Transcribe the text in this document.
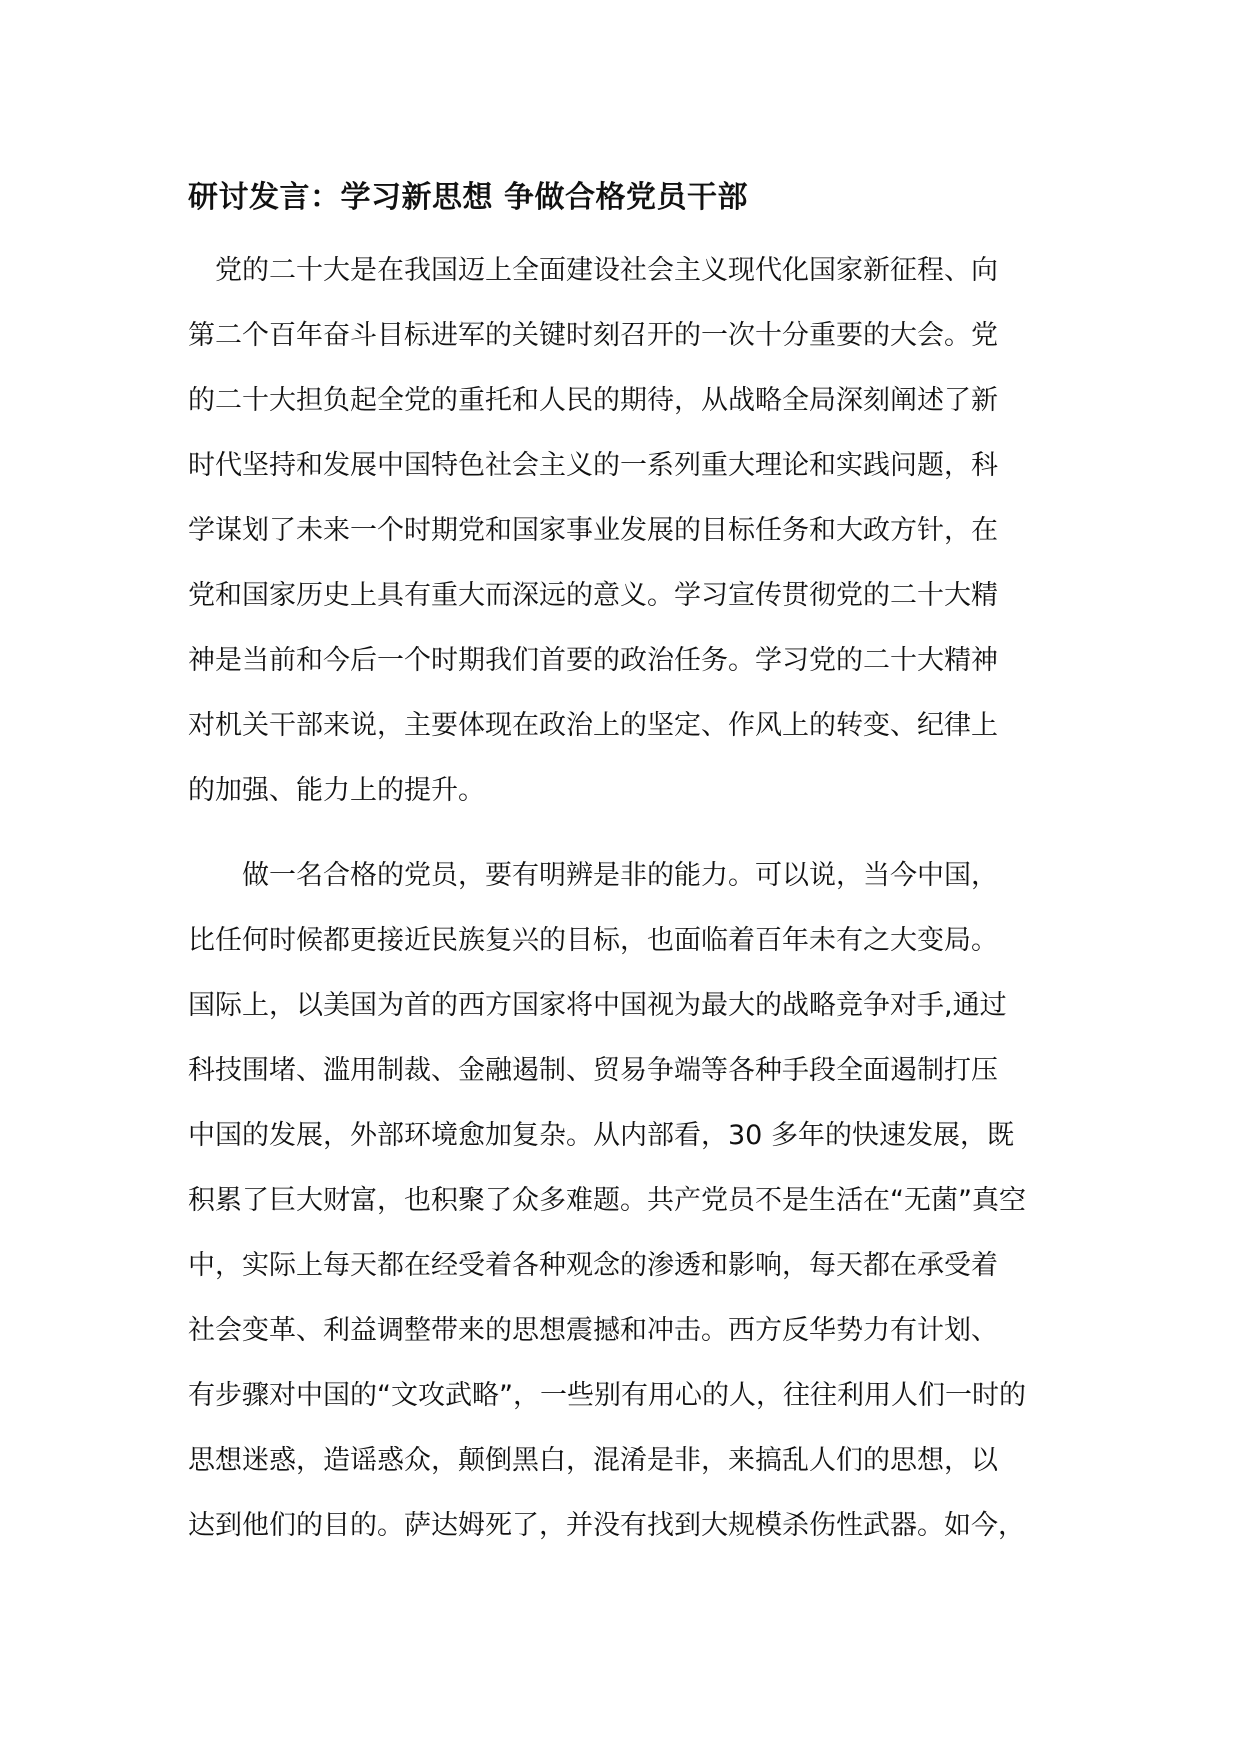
研讨发言：学习新思想 争做合格党员干部
　党的二十大是在我国迈上全面建设社会主义现代化国家新征程、向
第二个百年奋斗目标进军的关键时刻召开的一次十分重要的大会。党
的二十大担负起全党的重托和人民的期待，从战略全局深刻阐述了新
时代坚持和发展中国特色社会主义的一系列重大理论和实践问题，科
学谋划了未来一个时期党和国家事业发展的目标任务和大政方针，在
党和国家历史上具有重大而深远的意义。学习宣传贯彻党的二十大精
神是当前和今后一个时期我们首要的政治任务。学习党的二十大精神
对机关干部来说，主要体现在政治上的坚定、作风上的转变、纪律上
的加强、能力上的提升。
　　做一名合格的党员，要有明辨是非的能力。可以说，当今中国，
比任何时候都更接近民族复兴的目标，也面临着百年未有之大变局。
国际上，以美国为首的西方国家将中国视为最大的战略竞争对手,通过
科技围堵、滥用制裁、金融遏制、贸易争端等各种手段全面遏制打压
中国的发展，外部环境愈加复杂。从内部看，30 多年的快速发展，既
积累了巨大财富，也积聚了众多难题。共产党员不是生活在“无菌”真空
中，实际上每天都在经受着各种观念的渗透和影响，每天都在承受着
社会变革、利益调整带来的思想震撼和冲击。西方反华势力有计划、
有步骤对中国的“文攻武略”，一些别有用心的人，往往利用人们一时的
思想迷惑，造谣惑众，颠倒黑白，混淆是非，来搞乱人们的思想，以
达到他们的目的。萨达姆死了，并没有找到大规模杀伤性武器。如今，
